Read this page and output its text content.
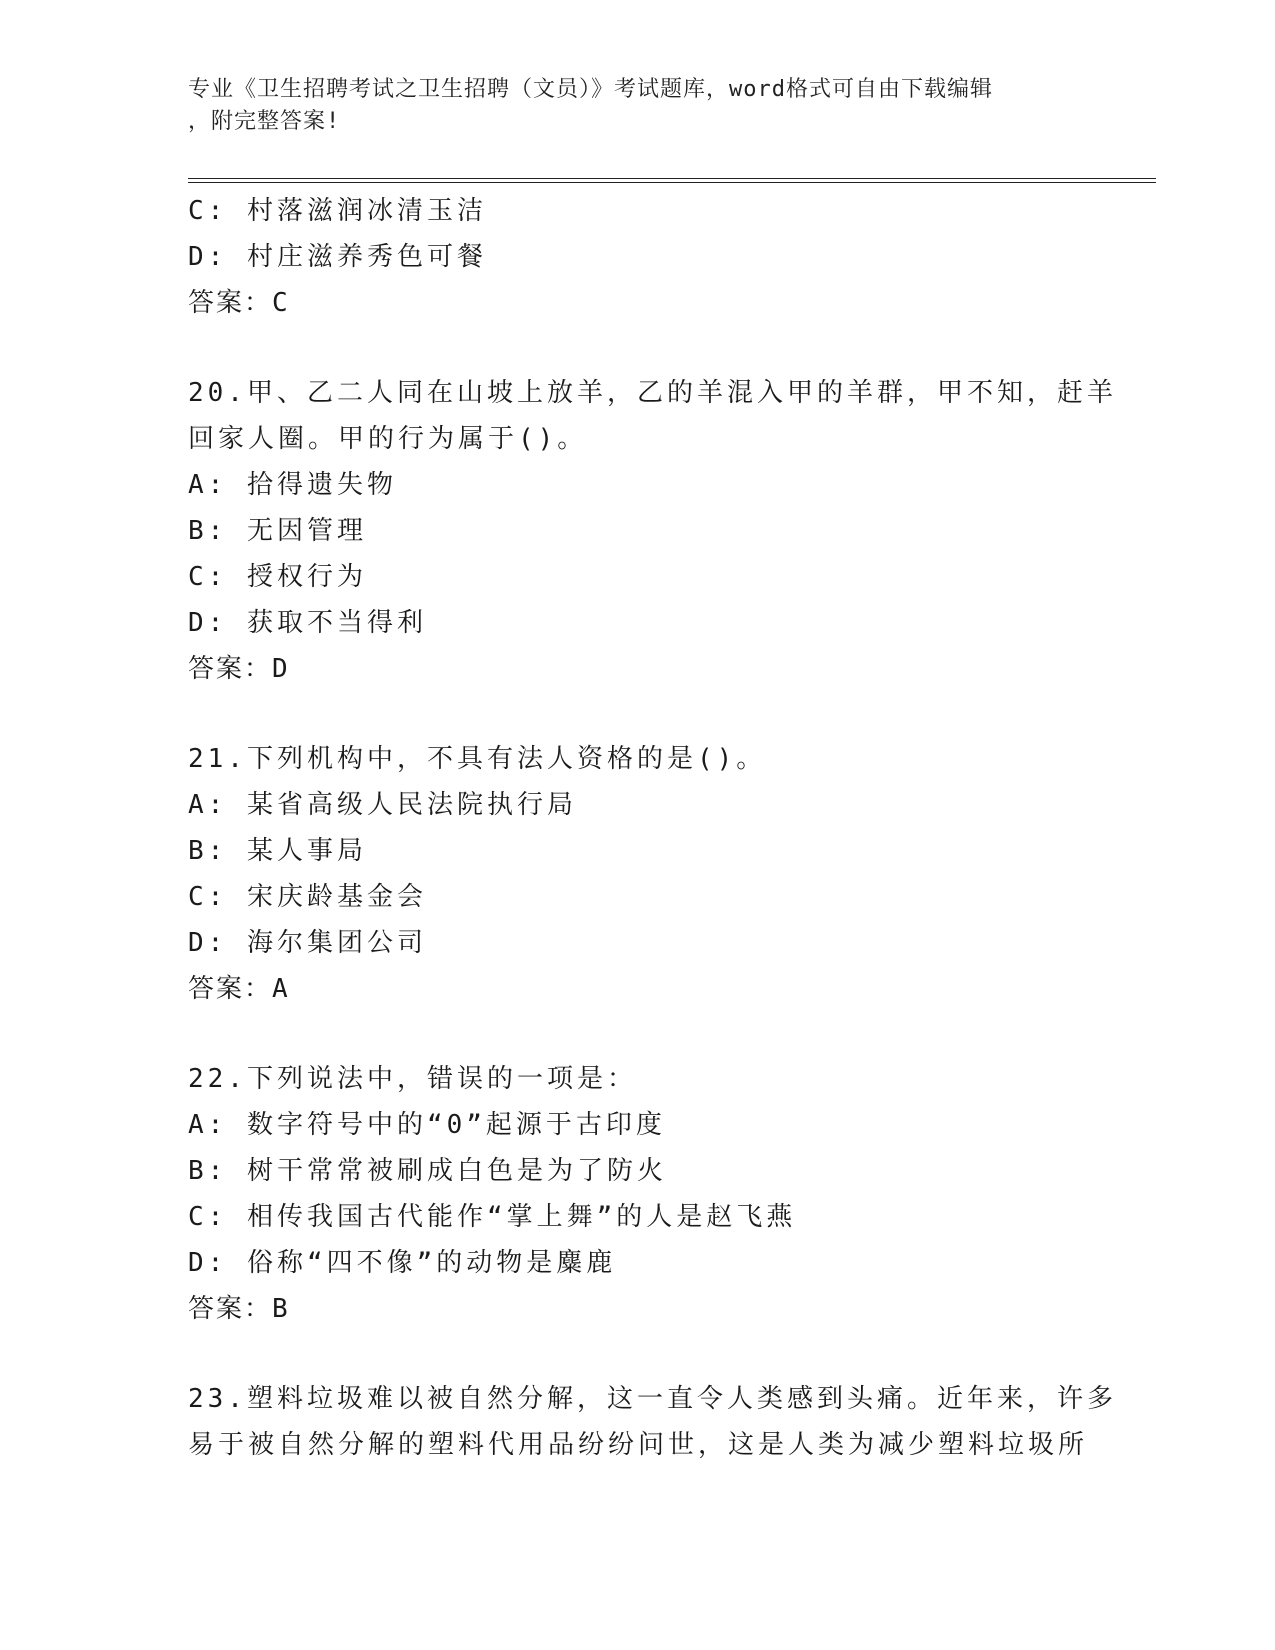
专业《卫生招聘考试之卫生招聘（文员）》考试题库，word格式可自由下载编辑
，附完整答案!
C: 村落滋润冰清玉洁
D: 村庄滋养秀色可餐
答案：C
20.甲、乙二人同在山坡上放羊，乙的羊混入甲的羊群，甲不知，赶羊
回家人圈。甲的行为属于()。
A: 拾得遗失物
B: 无因管理
C: 授权行为
D: 获取不当得利
答案：D
21.下列机构中，不具有法人资格的是()。
A: 某省高级人民法院执行局
B: 某人事局
C: 宋庆龄基金会
D: 海尔集团公司
答案：A
22.下列说法中，错误的一项是：
A: 数字符号中的“0”起源于古印度
B: 树干常常被刷成白色是为了防火
C: 相传我国古代能作“掌上舞”的人是赵飞燕
D: 俗称“四不像”的动物是麋鹿
答案：B
23.塑料垃圾难以被自然分解，这一直令人类感到头痛。近年来，许多
易于被自然分解的塑料代用品纷纷问世，这是人类为减少塑料垃圾所
